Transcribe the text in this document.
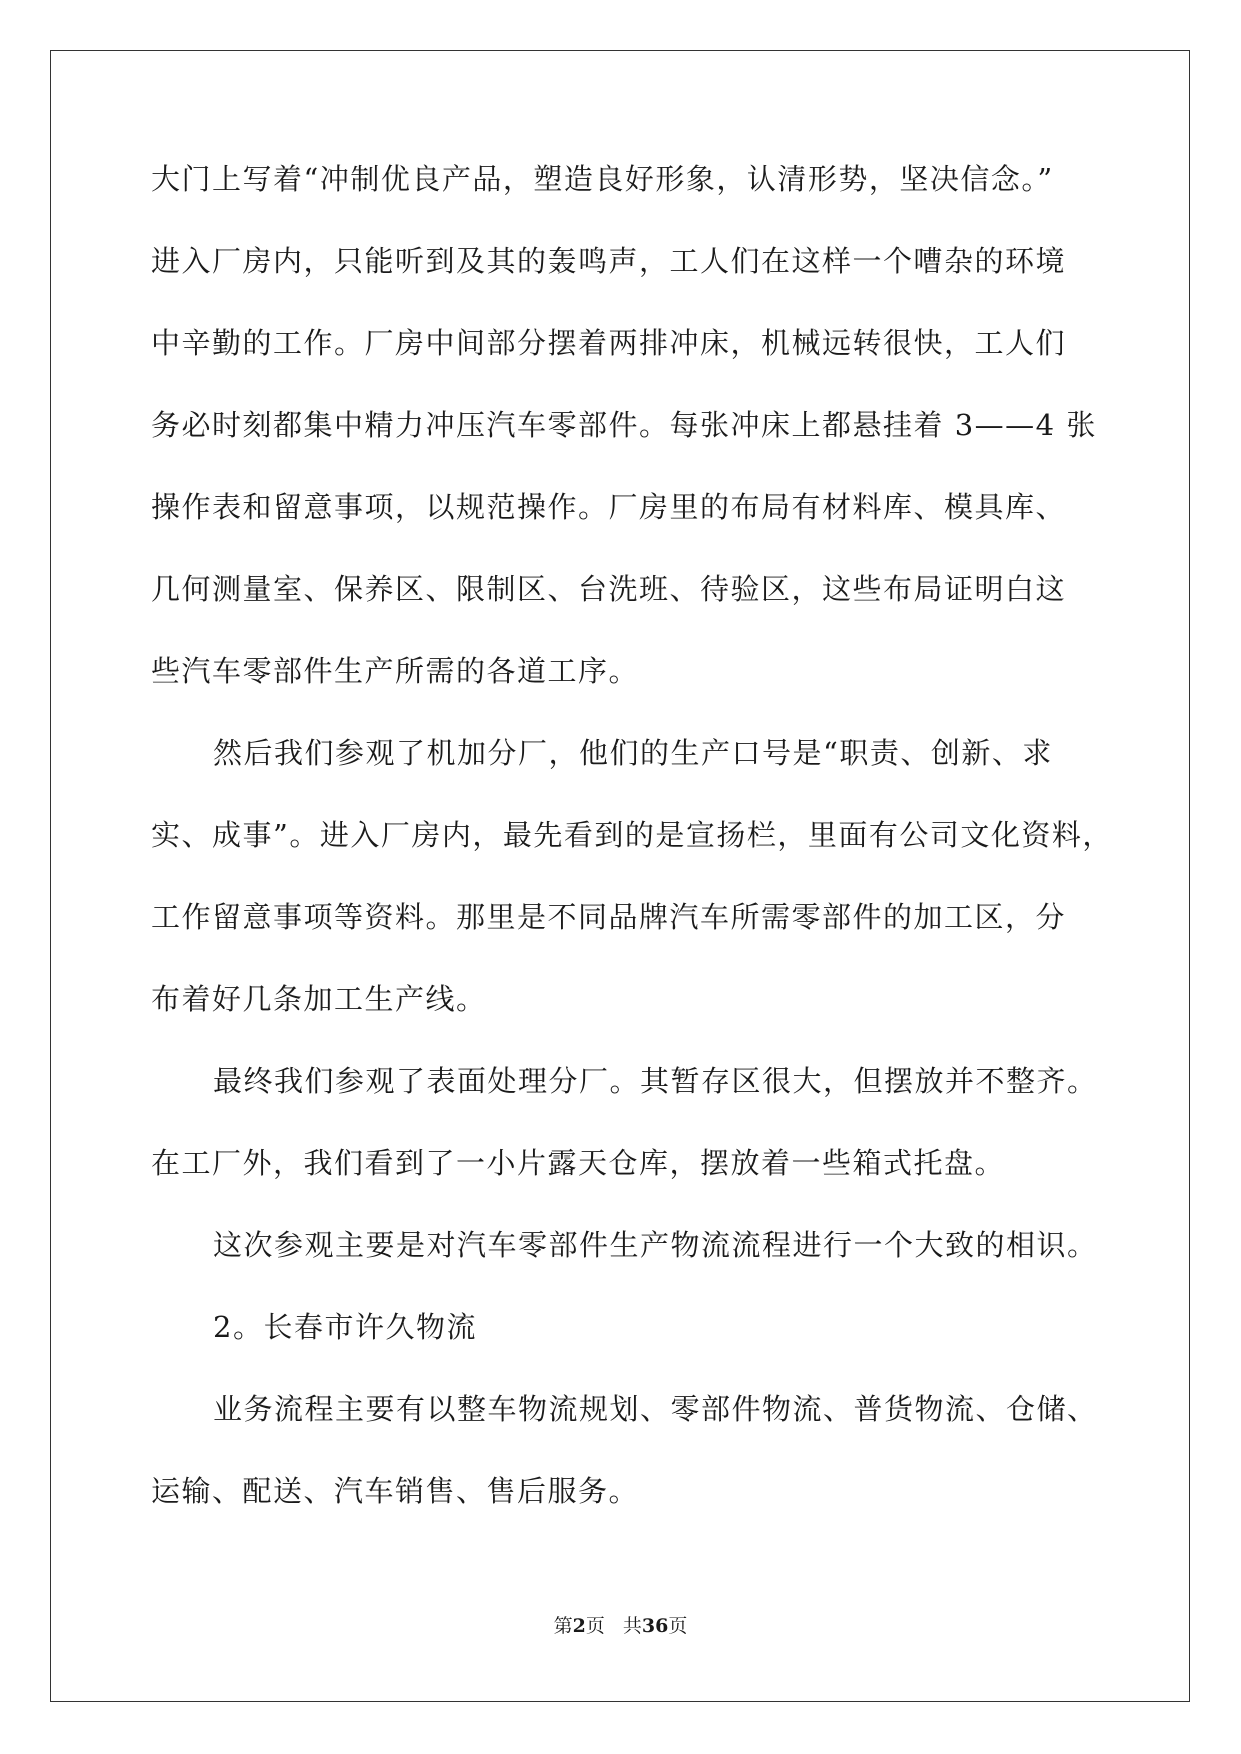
大门上写着“冲制优良产品，塑造良好形象，认清形势，坚决信念。”
进入厂房内，只能听到及其的轰鸣声，工人们在这样一个嘈杂的环境
中辛勤的工作。厂房中间部分摆着两排冲床，机械远转很快，工人们
务必时刻都集中精力冲压汽车零部件。每张冲床上都悬挂着 3——4 张
操作表和留意事项，以规范操作。厂房里的布局有材料库、模具库、
几何测量室、保养区、限制区、台洗班、待验区，这些布局证明白这
些汽车零部件生产所需的各道工序。
然后我们参观了机加分厂，他们的生产口号是“职责、创新、求
实、成事”。进入厂房内，最先看到的是宣扬栏，里面有公司文化资料，
工作留意事项等资料。那里是不同品牌汽车所需零部件的加工区，分
布着好几条加工生产线。
最终我们参观了表面处理分厂。其暂存区很大，但摆放并不整齐。
在工厂外，我们看到了一小片露天仓库，摆放着一些箱式托盘。
这次参观主要是对汽车零部件生产物流流程进行一个大致的相识。
2。长春市许久物流
业务流程主要有以整车物流规划、零部件物流、普货物流、仓储、
运输、配送、汽车销售、售后服务。
第2页 共36页
